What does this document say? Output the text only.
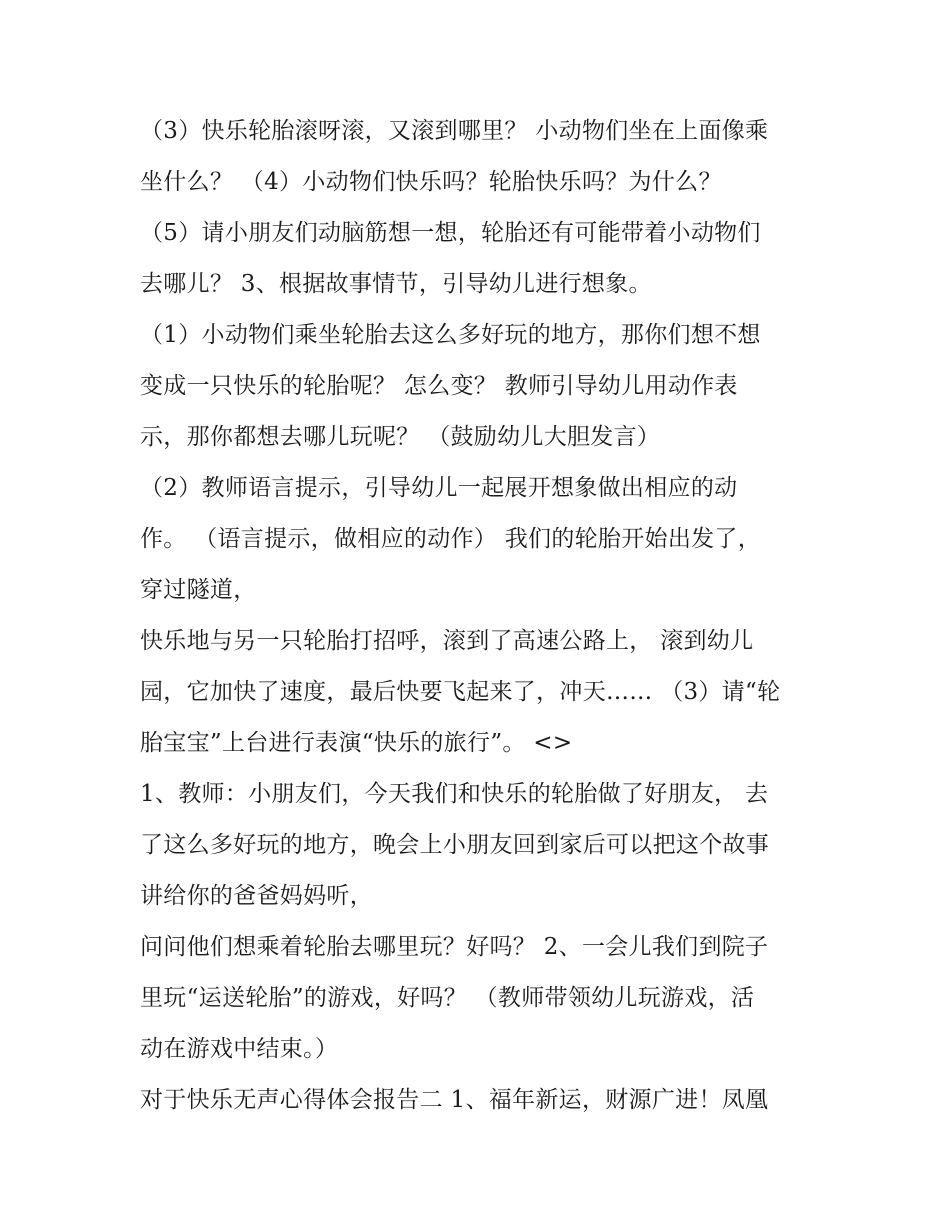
（3）快乐轮胎滚呀滚，又滚到哪里？ 小动物们坐在上面像乘
坐什么？ （4）小动物们快乐吗？轮胎快乐吗？为什么？
（5）请小朋友们动脑筋想一想，轮胎还有可能带着小动物们
去哪儿？ 3、根据故事情节，引导幼儿进行想象。
（1）小动物们乘坐轮胎去这么多好玩的地方，那你们想不想
变成一只快乐的轮胎呢？ 怎么变？ 教师引导幼儿用动作表
示，那你都想去哪儿玩呢？ （鼓励幼儿大胆发言）
（2）教师语言提示，引导幼儿一起展开想象做出相应的动
作。 （语言提示，做相应的动作） 我们的轮胎开始出发了，
穿过隧道，
快乐地与另一只轮胎打招呼，滚到了高速公路上， 滚到幼儿
园，它加快了速度，最后快要飞起来了，冲天…… （3）请“轮
胎宝宝”上台进行表演“快乐的旅行”。 <>
1、教师：小朋友们，今天我们和快乐的轮胎做了好朋友， 去
了这么多好玩的地方，晚会上小朋友回到家后可以把这个故事
讲给你的爸爸妈妈听，
问问他们想乘着轮胎去哪里玩？好吗？ 2、一会儿我们到院子
里玩“运送轮胎”的游戏，好吗？ （教师带领幼儿玩游戏，活
动在游戏中结束。）
对于快乐无声心得体会报告二 1、福年新运，财源广进！凤凰
